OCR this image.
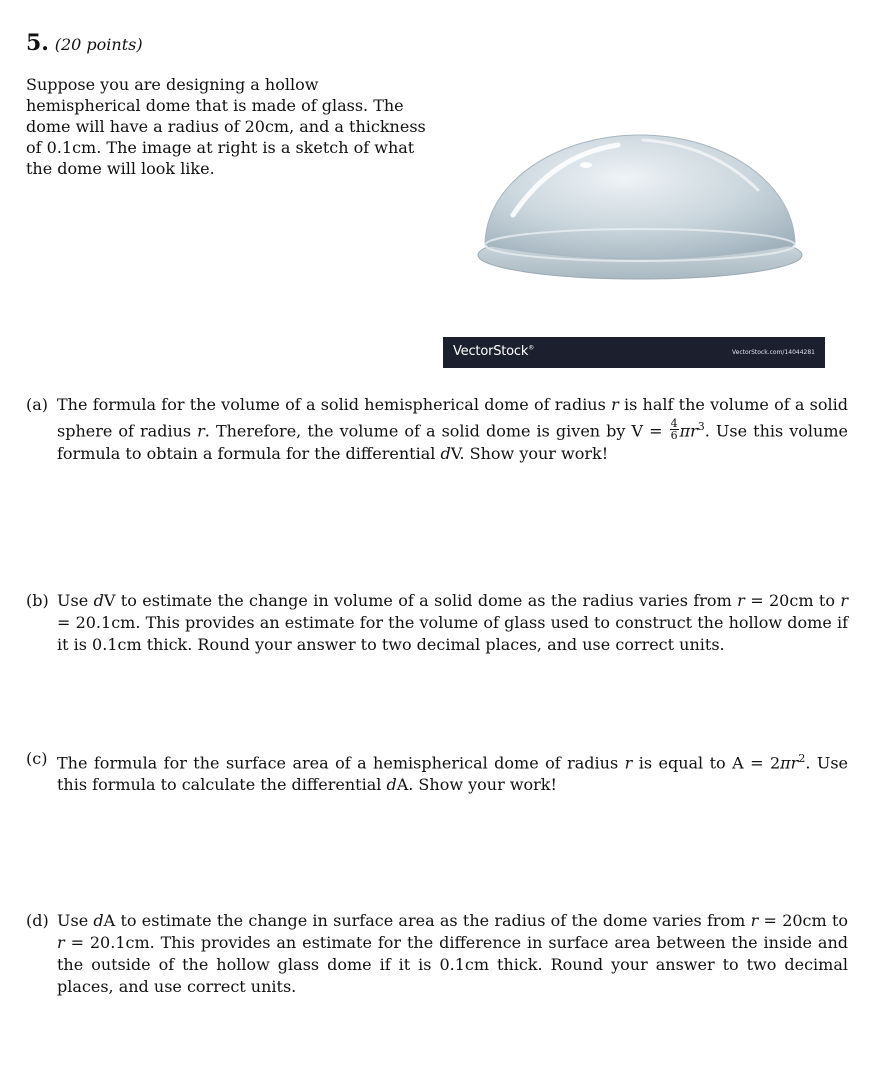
5. (20 points)

Suppose you are designing a hollow hemispherical dome that is made of glass. The dome will have a radius of 20cm, and a thickness of 0.1cm. The image at right is a sketch of what the dome will look like.

VectorStock®
VectorStock.com/14044281
(a) The formula for the volume of a solid hemispherical dome of radius r is half the volume of a solid sphere of radius r. Therefore, the volume of a solid dome is given by $V = \frac{4}{6} \pi r^3$. Use this volume formula to obtain a formula for the differential dV. Show your work!
(b) Use dV to estimate the change in volume of a solid dome as the radius varies from r = 20cm to r = 20.1cm. This provides an estimate for the volume of glass used to construct the hollow dome if it is 0.1cm thick. Round your answer to two decimal places, and use correct units.
(c) The formula for the surface area of a hemispherical dome of radius r is equal to $A = 2\pi r^2$. Use this formula to calculate the differential dA. Show your work!
(d) Use dA to estimate the change in surface area as the radius of the dome varies from r = 20cm to r = 20.1cm. This provides an estimate for the difference in surface area between the inside and the outside of the hollow glass dome if it is 0.1cm thick. Round your answer to two decimal places, and use correct units.
